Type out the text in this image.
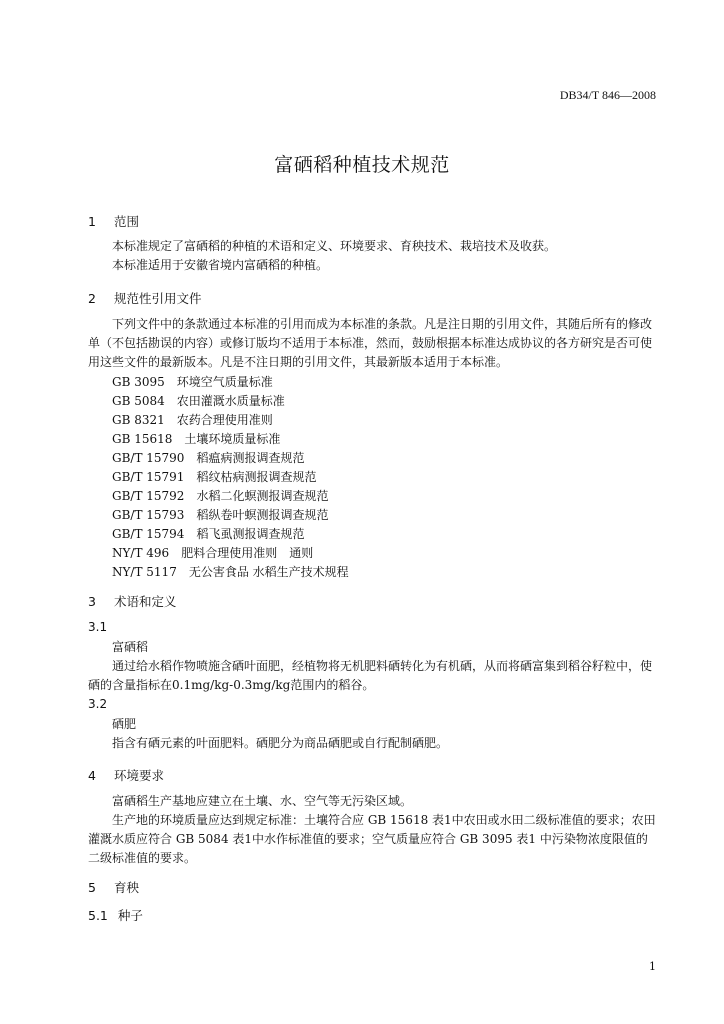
DB34/T 846—2008
富硒稻种植技术规范
1 范围
本标准规定了富硒稻的种植的术语和定义、环境要求、育秧技术、栽培技术及收获。
本标准适用于安徽省境内富硒稻的种植。
2 规范性引用文件
下列文件中的条款通过本标准的引用而成为本标准的条款。凡是注日期的引用文件，其随后所有的修改单（不包括勘误的内容）或修订版均不适用于本标准，然而，鼓励根据本标准达成协议的各方研究是否可使用这些文件的最新版本。凡是不注日期的引用文件，其最新版本适用于本标准。
GB 3095　环境空气质量标准
GB 5084　农田灌溉水质量标准
GB 8321　农药合理使用准则
GB 15618　土壤环境质量标准
GB/T 15790　稻瘟病测报调查规范
GB/T 15791　稻纹枯病测报调查规范
GB/T 15792　水稻二化螟测报调查规范
GB/T 15793　稻纵卷叶螟测报调查规范
GB/T 15794　稻飞虱测报调查规范
NY/T 496　肥料合理使用准则　通则
NY/T 5117　无公害食品 水稻生产技术规程
3 术语和定义
3.1
富硒稻
通过给水稻作物喷施含硒叶面肥，经植物将无机肥料硒转化为有机硒，从而将硒富集到稻谷籽粒中，使硒的含量指标在0.1mg/kg-0.3mg/kg范围内的稻谷。
3.2
硒肥
指含有硒元素的叶面肥料。硒肥分为商品硒肥或自行配制硒肥。
4 环境要求
富硒稻生产基地应建立在土壤、水、空气等无污染区域。
生产地的环境质量应达到规定标准：土壤符合应 GB 15618 表1中农田或水田二级标准值的要求；农田灌溉水质应符合 GB 5084 表1中水作标准值的要求；空气质量应符合 GB 3095 表1 中污染物浓度限值的二级标准值的要求。
5 育秧
5.1 种子
1
